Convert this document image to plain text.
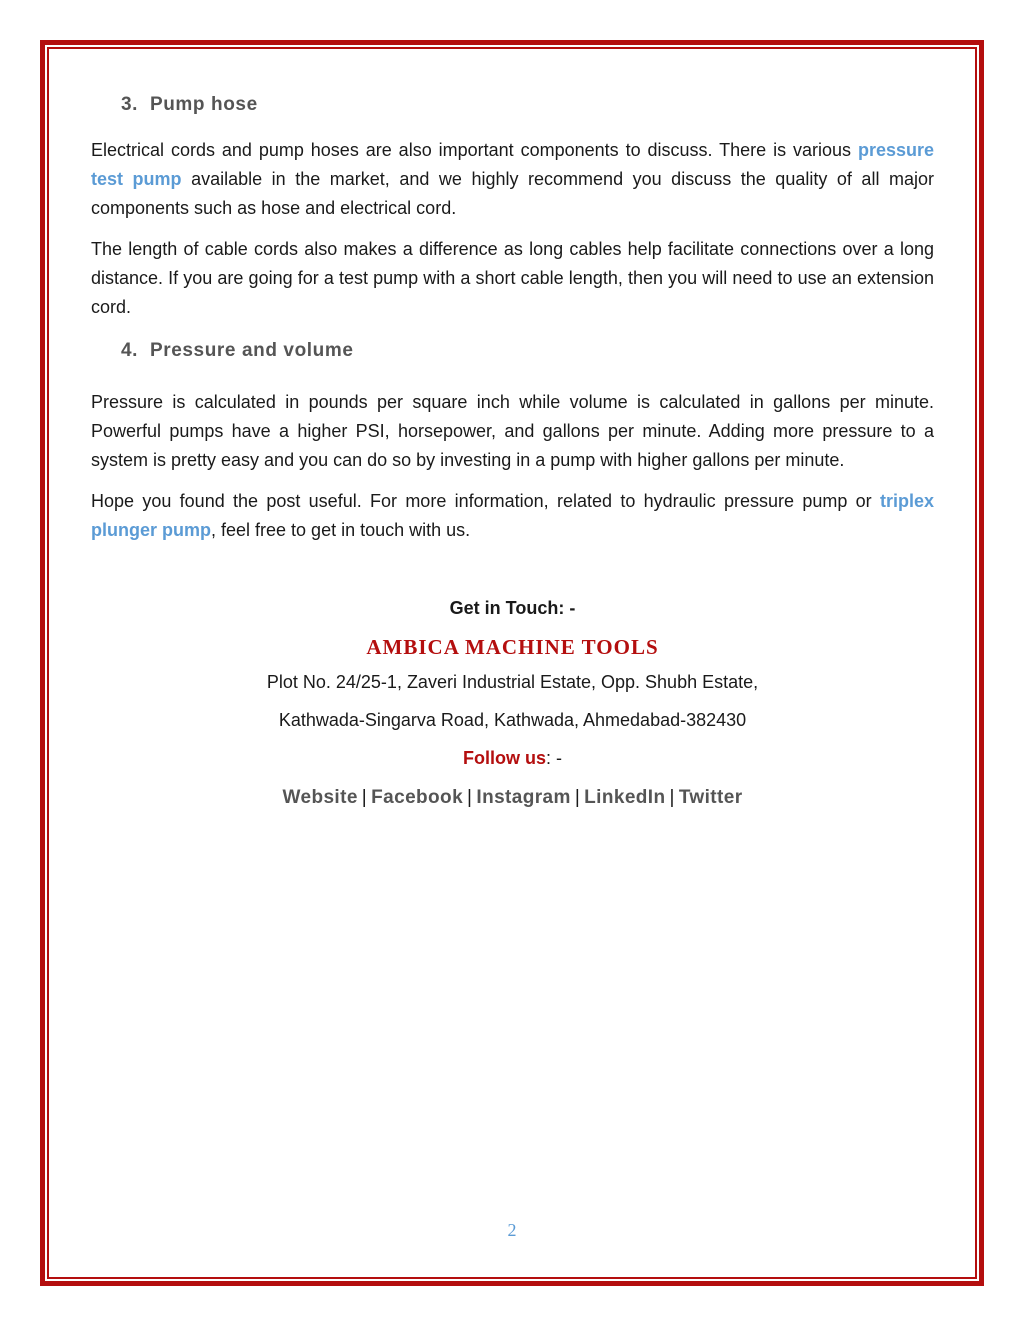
3. Pump hose

Electrical cords and pump hoses are also important components to discuss. There is various pressure test pump available in the market, and we highly recommend you discuss the quality of all major components such as hose and electrical cord.

The length of cable cords also makes a difference as long cables help facilitate connections over a long distance. If you are going for a test pump with a short cable length, then you will need to use an extension cord.

4. Pressure and volume

Pressure is calculated in pounds per square inch while volume is calculated in gallons per minute. Powerful pumps have a higher PSI, horsepower, and gallons per minute. Adding more pressure to a system is pretty easy and you can do so by investing in a pump with higher gallons per minute.

Hope you found the post useful. For more information, related to hydraulic pressure pump or triplex plunger pump, feel free to get in touch with us.

Get in Touch: -
AMBICA MACHINE TOOLS
Plot No. 24/25-1, Zaveri Industrial Estate, Opp. Shubh Estate,
Kathwada-Singarva Road, Kathwada, Ahmedabad-382430
Follow us: -
Website | Facebook | Instagram | LinkedIn | Twitter
2
